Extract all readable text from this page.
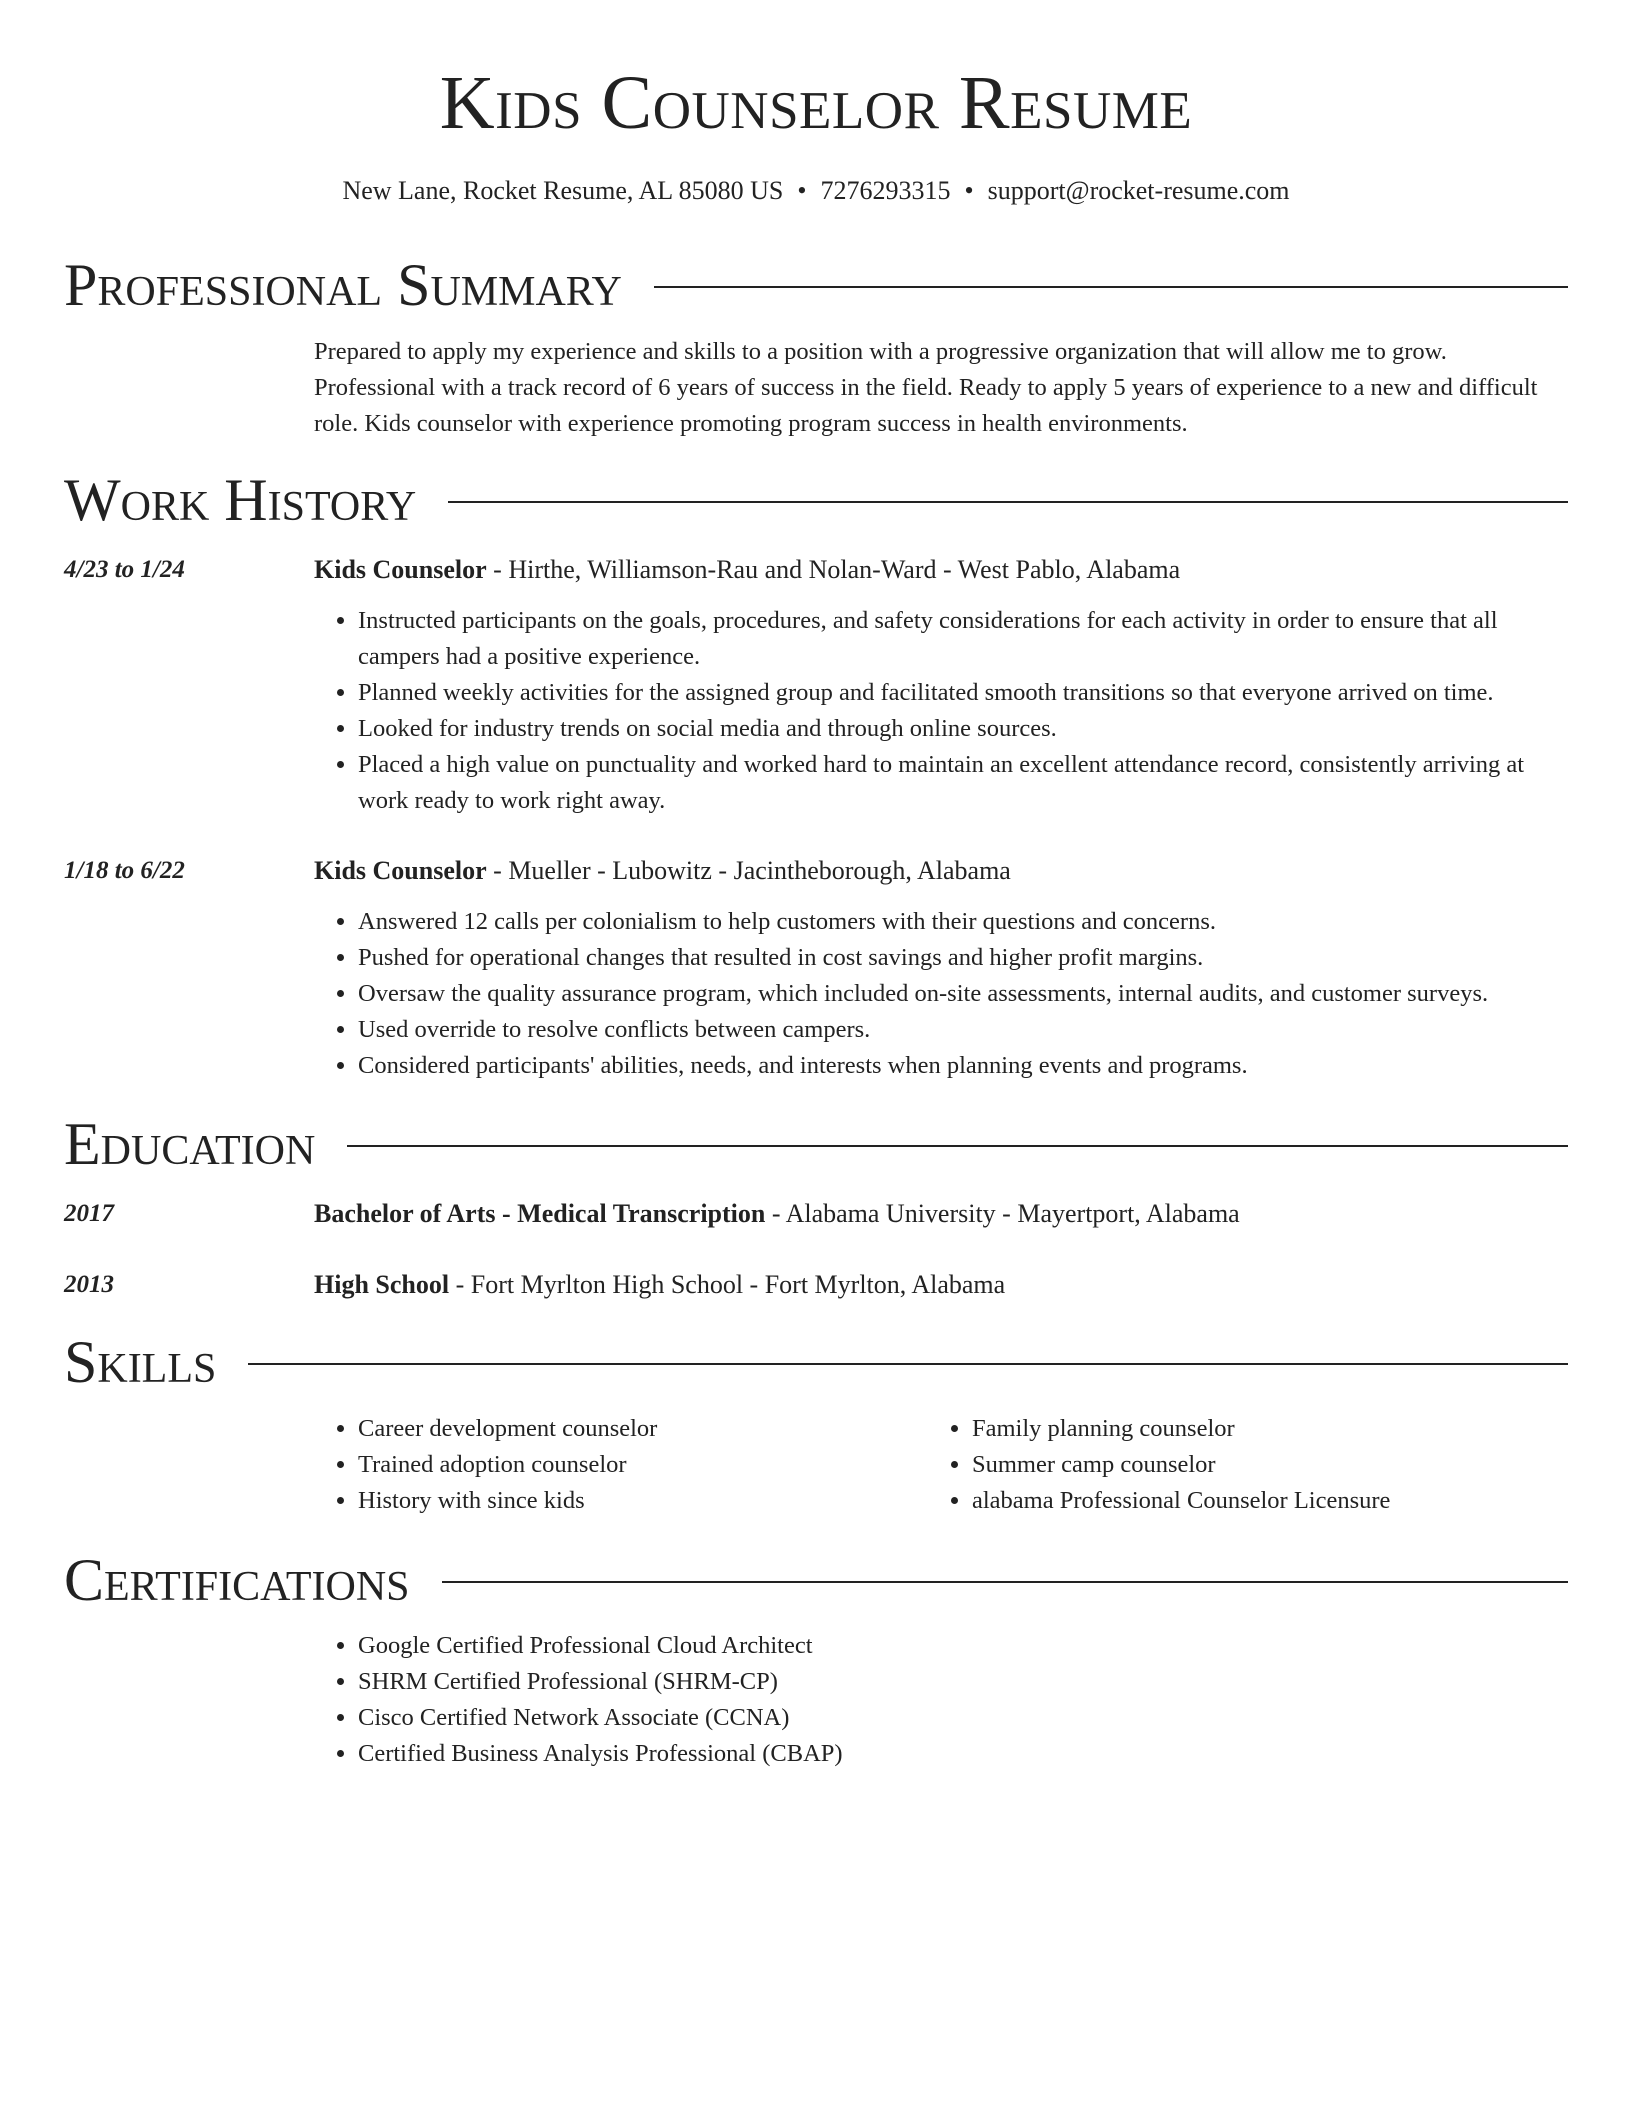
Kids Counselor Resume
New Lane, Rocket Resume, AL 85080 US • 7276293315 • support@rocket-resume.com
Professional Summary

Prepared to apply my experience and skills to a position with a progressive organization that will allow me to grow. Professional with a track record of 6 years of success in the field. Ready to apply 5 years of experience to a new and difficult role. Kids counselor with experience promoting program success in health environments.

Work History
4/23 to 1/24	Kids Counselor - Hirthe, Williamson-Rau and Nolan-Ward - West Pablo, Alabama
• Instructed participants on the goals, procedures, and safety considerations for each activity in order to ensure that all campers had a positive experience.
• Planned weekly activities for the assigned group and facilitated smooth transitions so that everyone arrived on time.
• Looked for industry trends on social media and through online sources.
• Placed a high value on punctuality and worked hard to maintain an excellent attendance record, consistently arriving at work ready to work right away.
1/18 to 6/22	Kids Counselor - Mueller - Lubowitz - Jacintheborough, Alabama
• Answered 12 calls per colonialism to help customers with their questions and concerns.
• Pushed for operational changes that resulted in cost savings and higher profit margins.
• Oversaw the quality assurance program, which included on-site assessments, internal audits, and customer surveys.
• Used override to resolve conflicts between campers.
• Considered participants' abilities, needs, and interests when planning events and programs.
Education
2017	Bachelor of Arts - Medical Transcription - Alabama University - Mayertport, Alabama
2013	High School - Fort Myrlton High School - Fort Myrlton, Alabama
Skills
• Career development counselor
• Trained adoption counselor
• History with since kids
• Family planning counselor
• Summer camp counselor
• alabama Professional Counselor Licensure
Certifications
• Google Certified Professional Cloud Architect
• SHRM Certified Professional (SHRM-CP)
• Cisco Certified Network Associate (CCNA)
• Certified Business Analysis Professional (CBAP)
